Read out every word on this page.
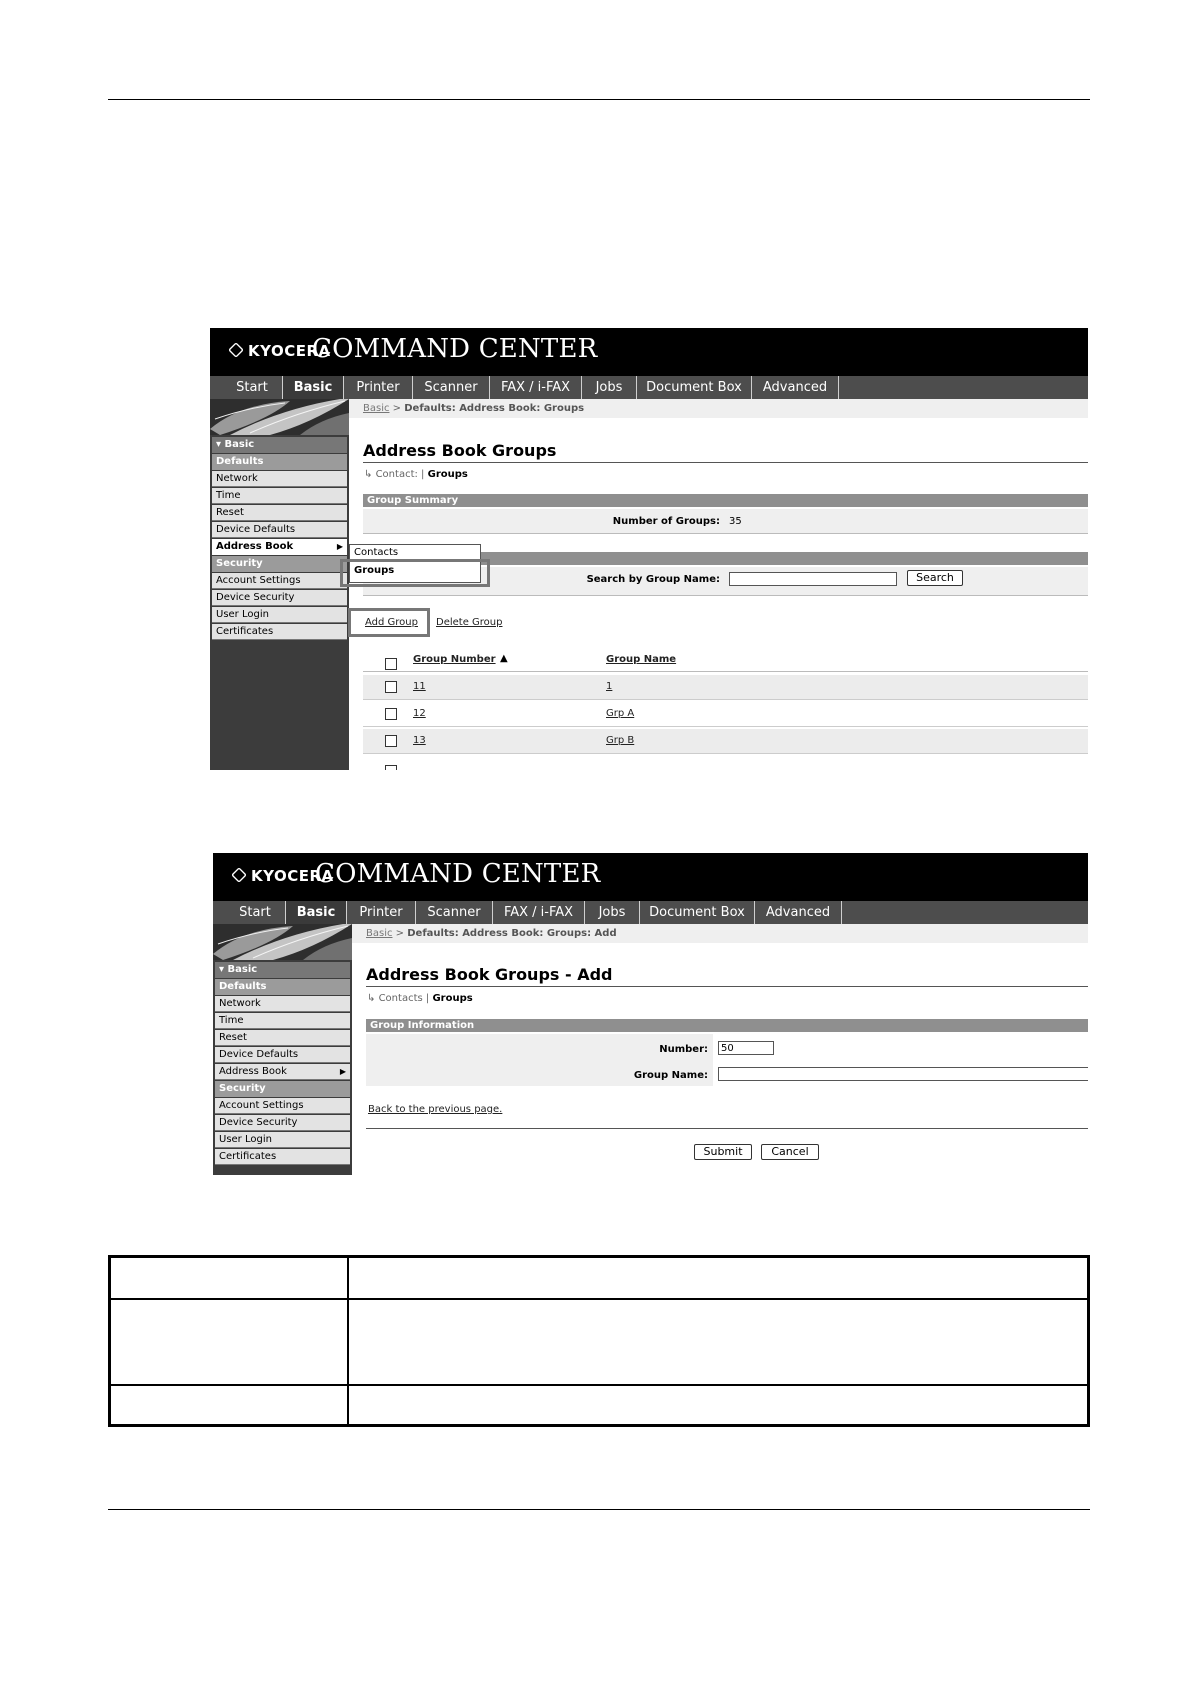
KYOCERA
COMMAND CENTER
Start	Basic	Printer	Scanner	FAX / i-FAX	Jobs	Document Box	Advanced
▾ Basic
Defaults
Network
Time
Reset
Device Defaults
Address Book	▶
Security
Account Settings
Device Security
User Login
Certificates
Basic > Defaults: Address Book: Groups
Address Book Groups
↳ Contact: | Groups
Group Summary
Number of Groups: 35
Search by Group Name:	Search
Add Group Delete Group
Group Number ▲	Group Name
11	1
12	Grp A
13	Grp B
Contacts
Groups
KYOCERA
COMMAND CENTER
Start	Basic	Printer	Scanner	FAX / i-FAX	Jobs	Document Box	Advanced
▾ Basic
Defaults
Network
Time
Reset
Device Defaults
Address Book	▶
Security
Account Settings
Device Security
User Login
Certificates
Basic > Defaults: Address Book: Groups: Add
Address Book Groups - Add
↳ Contacts | Groups
Group Information
Number:	50
Group Name:
Back to the previous page.
Submit	Cancel
